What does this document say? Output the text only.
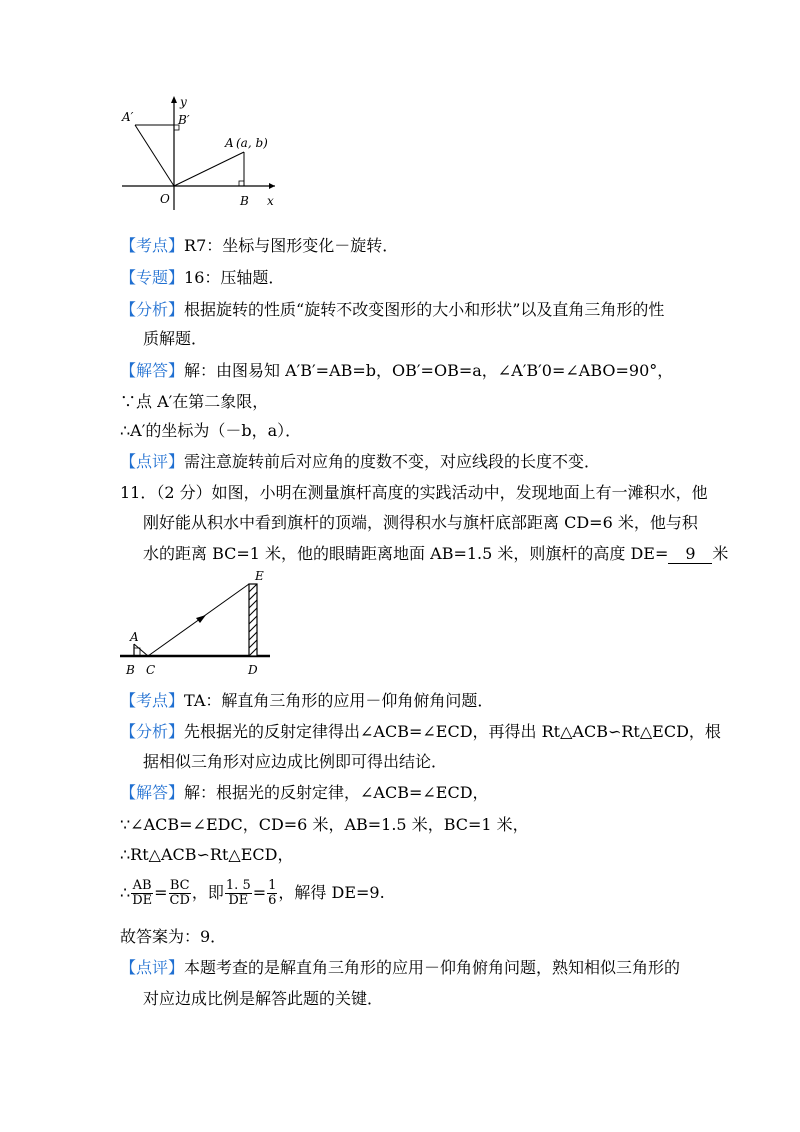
A′	B′
y
A (a, b)
O	B x
【考点】R7：坐标与图形变化－旋转．
【专题】16：压轴题．
【分析】根据旋转的性质“旋转不改变图形的大小和形状”以及直角三角形的性
质解题．
【解答】解：由图易知 A′B′=AB=b，OB′=OB=a，∠A′B′0=∠ABO=90°，
∵点 A′在第二象限，
∴A′的坐标为（－b，a）．
【点评】需注意旋转前后对应角的度数不变，对应线段的长度不变．
11．（2 分）如图，小明在测量旗杆高度的实践活动中，发现地面上有一滩积水，他
刚好能从积水中看到旗杆的顶端，测得积水与旗杆底部距离 CD=6 米，他与积
水的距离 BC=1 米，他的眼睛距离地面 AB=1.5 米，则旗杆的高度 DE= 9 米
E
A
B C	D
【考点】TA：解直角三角形的应用－仰角俯角问题．
【分析】先根据光的反射定律得出∠ACB=∠ECD，再得出 Rt△ACB∽Rt△ECD，根
据相似三角形对应边成比例即可得出结论．
【解答】解：根据光的反射定律，∠ACB=∠ECD，
∵∠ACB=∠EDC，CD=6 米，AB=1.5 米，BC=1 米，
∴Rt△ACB∽Rt△ECD，
∴ $\frac{AB}{DE} = \frac{BC}{CD}$ ，即 $\frac{1. 5}{DE} = \frac{1}{6}$ ，解得 DE=9.
故答案为：9．
【点评】本题考查的是解直角三角形的应用－仰角俯角问题，熟知相似三角形的
对应边成比例是解答此题的关键．
